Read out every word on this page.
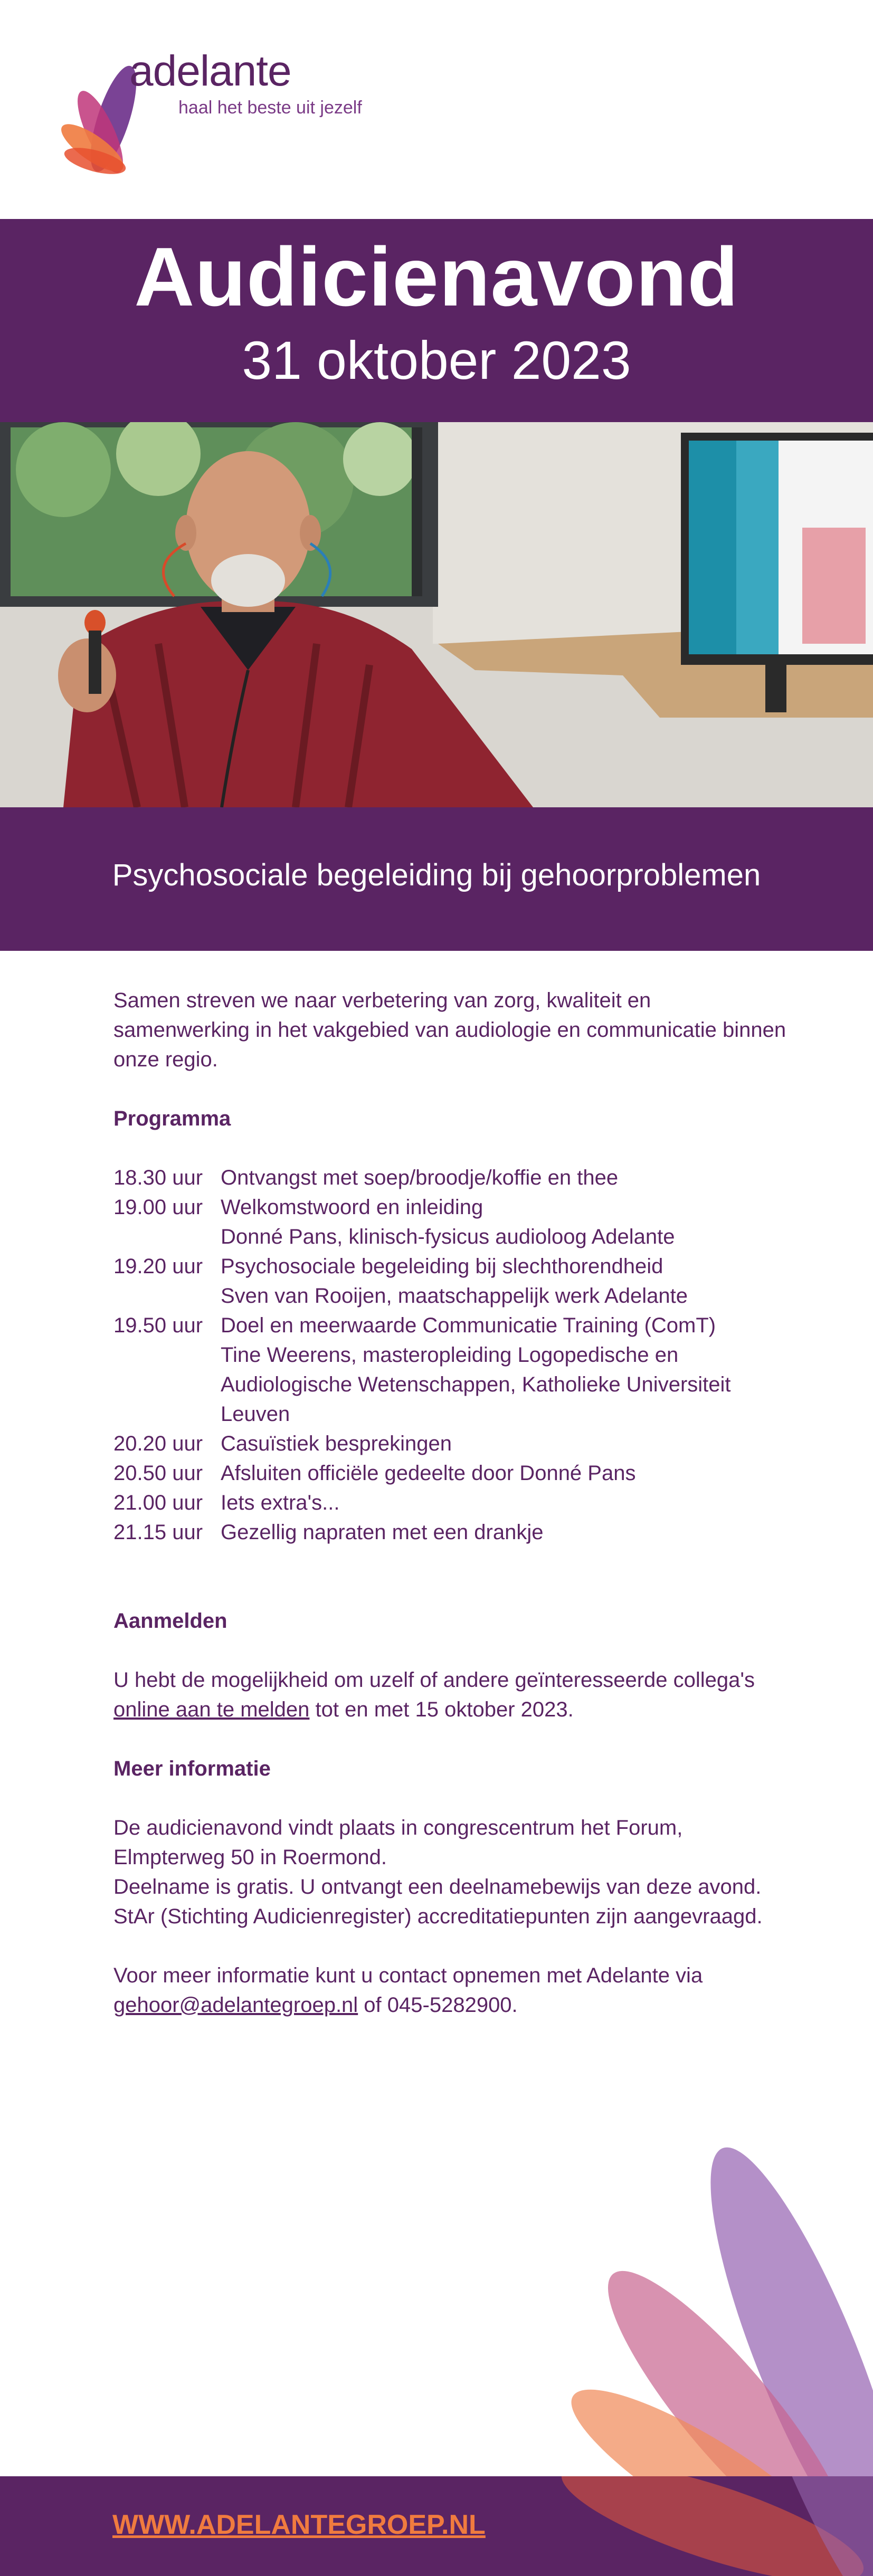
adelante
haal het beste uit jezelf
Audicienavond
31 oktober 2023
Psychosociale begeleiding bij gehoorproblemen

Samen streven we naar verbetering van zorg, kwaliteit en samenwerking in het vakgebied van audiologie en communicatie binnen onze regio.

Programma
18.30 uur Ontvangst met soep/broodje/koffie en thee
19.00 uur Welkomstwoord en inleiding
Donné Pans, klinisch-fysicus audioloog Adelante
19.20 uur Psychosociale begeleiding bij slechthorendheid
Sven van Rooijen, maatschappelijk werk Adelante
19.50 uur Doel en meerwaarde Communicatie Training (ComT)
Tine Weerens, masteropleiding Logopedische en Audiologische Wetenschappen, Katholieke Universiteit Leuven
20.20 uur Casuïstiek besprekingen
20.50 uur Afsluiten officiële gedeelte door Donné Pans
21.00 uur Iets extra's...
21.15 uur Gezellig napraten met een drankje
Aanmelden

U hebt de mogelijkheid om uzelf of andere geïnteresseerde collega's online aan te melden tot en met 15 oktober 2023.

Meer informatie

De audicienavond vindt plaats in congrescentrum het Forum, Elmpterweg 50 in Roermond.

Deelname is gratis. U ontvangt een deelnamebewijs van deze avond.

StAr (Stichting Audicienregister) accreditatiepunten zijn aangevraagd.

Voor meer informatie kunt u contact opnemen met Adelante via gehoor@adelantegroep.nl of 045-5282900.

WWW.ADELANTEGROEP.NL
